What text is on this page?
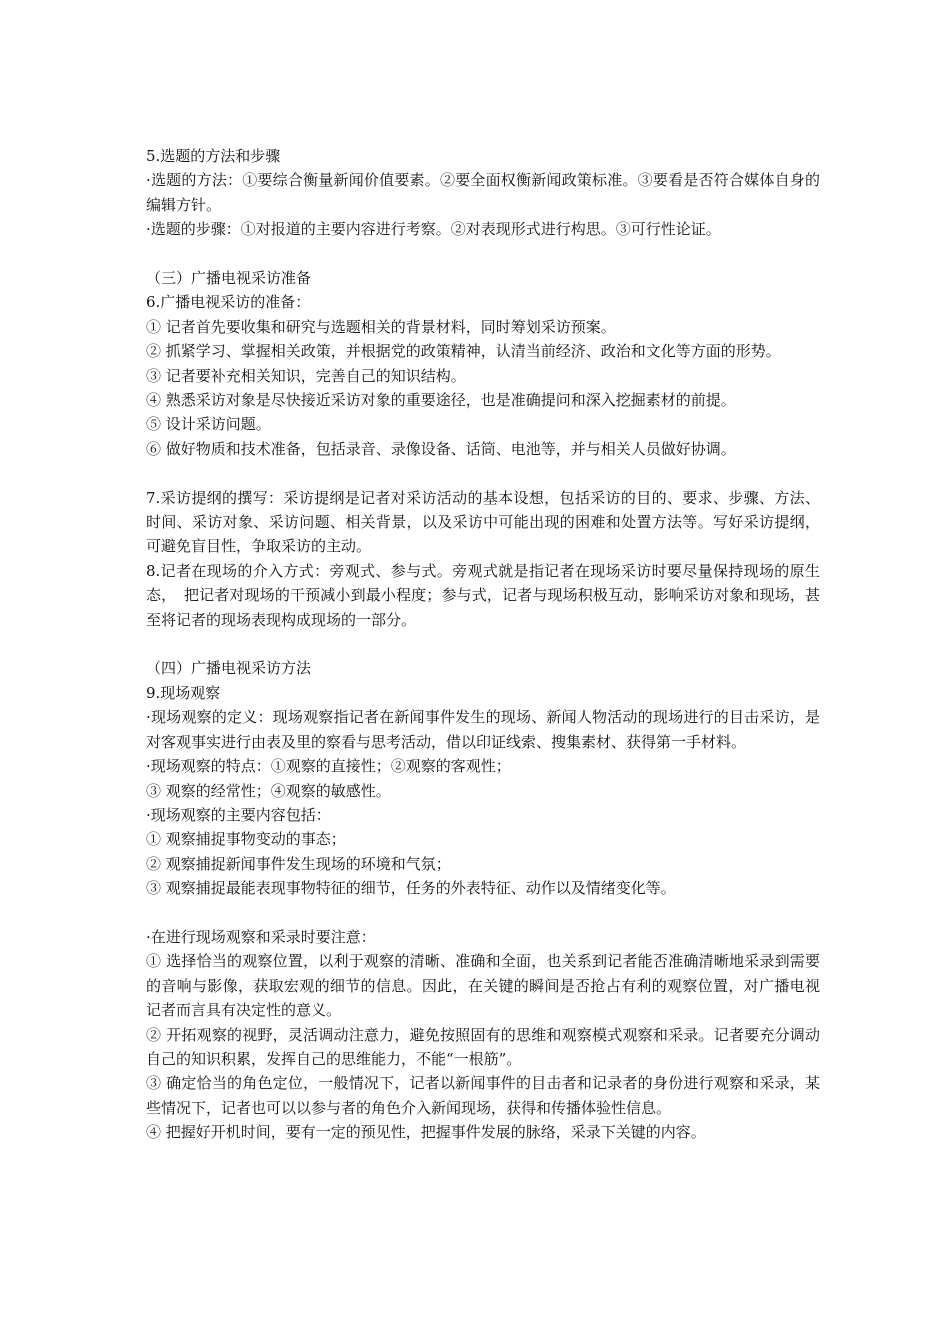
5.选题的方法和步骤

·选题的方法：①要综合衡量新闻价值要素。②要全面权衡新闻政策标准。③要看是否符合媒体自身的编辑方针。

·选题的步骤：①对报道的主要内容进行考察。②对表现形式进行构思。③可行性论证。

（三）广播电视采访准备

6.广播电视采访的准备：

① 记者首先要收集和研究与选题相关的背景材料，同时筹划采访预案。

② 抓紧学习、掌握相关政策，并根据党的政策精神，认清当前经济、政治和文化等方面的形势。

③ 记者要补充相关知识，完善自己的知识结构。

④ 熟悉采访对象是尽快接近采访对象的重要途径，也是准确提问和深入挖掘素材的前提。

⑤ 设计采访问题。

⑥ 做好物质和技术准备，包括录音、录像设备、话筒、电池等，并与相关人员做好协调。

7.采访提纲的撰写：采访提纲是记者对采访活动的基本设想，包括采访的目的、要求、步骤、方法、时间、采访对象、采访问题、相关背景，以及采访中可能出现的困难和处置方法等。写好采访提纲，可避免盲目性，争取采访的主动。

8.记者在现场的介入方式：旁观式、参与式。旁观式就是指记者在现场采访时要尽量保持现场的原生态，　把记者对现场的干预减小到最小程度；参与式，记者与现场积极互动，影响采访对象和现场，甚至将记者的现场表现构成现场的一部分。

（四）广播电视采访方法

9.现场观察

·现场观察的定义：现场观察指记者在新闻事件发生的现场、新闻人物活动的现场进行的目击采访，是对客观事实进行由表及里的察看与思考活动，借以印证线索、搜集素材、获得第一手材料。

·现场观察的特点：①观察的直接性；②观察的客观性；

③ 观察的经常性；④观察的敏感性。

·现场观察的主要内容包括：

① 观察捕捉事物变动的事态；

② 观察捕捉新闻事件发生现场的环境和气氛；

③ 观察捕捉最能表现事物特征的细节，任务的外表特征、动作以及情绪变化等。

·在进行现场观察和采录时要注意：

① 选择恰当的观察位置，以利于观察的清晰、准确和全面，也关系到记者能否准确清晰地采录到需要的音响与影像，获取宏观的细节的信息。因此，在关键的瞬间是否抢占有利的观察位置，对广播电视记者而言具有决定性的意义。

② 开拓观察的视野，灵活调动注意力，避免按照固有的思维和观察模式观察和采录。记者要充分调动自己的知识积累，发挥自己的思维能力，不能“一根筋”。

③ 确定恰当的角色定位，一般情况下，记者以新闻事件的目击者和记录者的身份进行观察和采录，某些情况下，记者也可以以参与者的角色介入新闻现场，获得和传播体验性信息。

④ 把握好开机时间，要有一定的预见性，把握事件发展的脉络，采录下关键的内容。
